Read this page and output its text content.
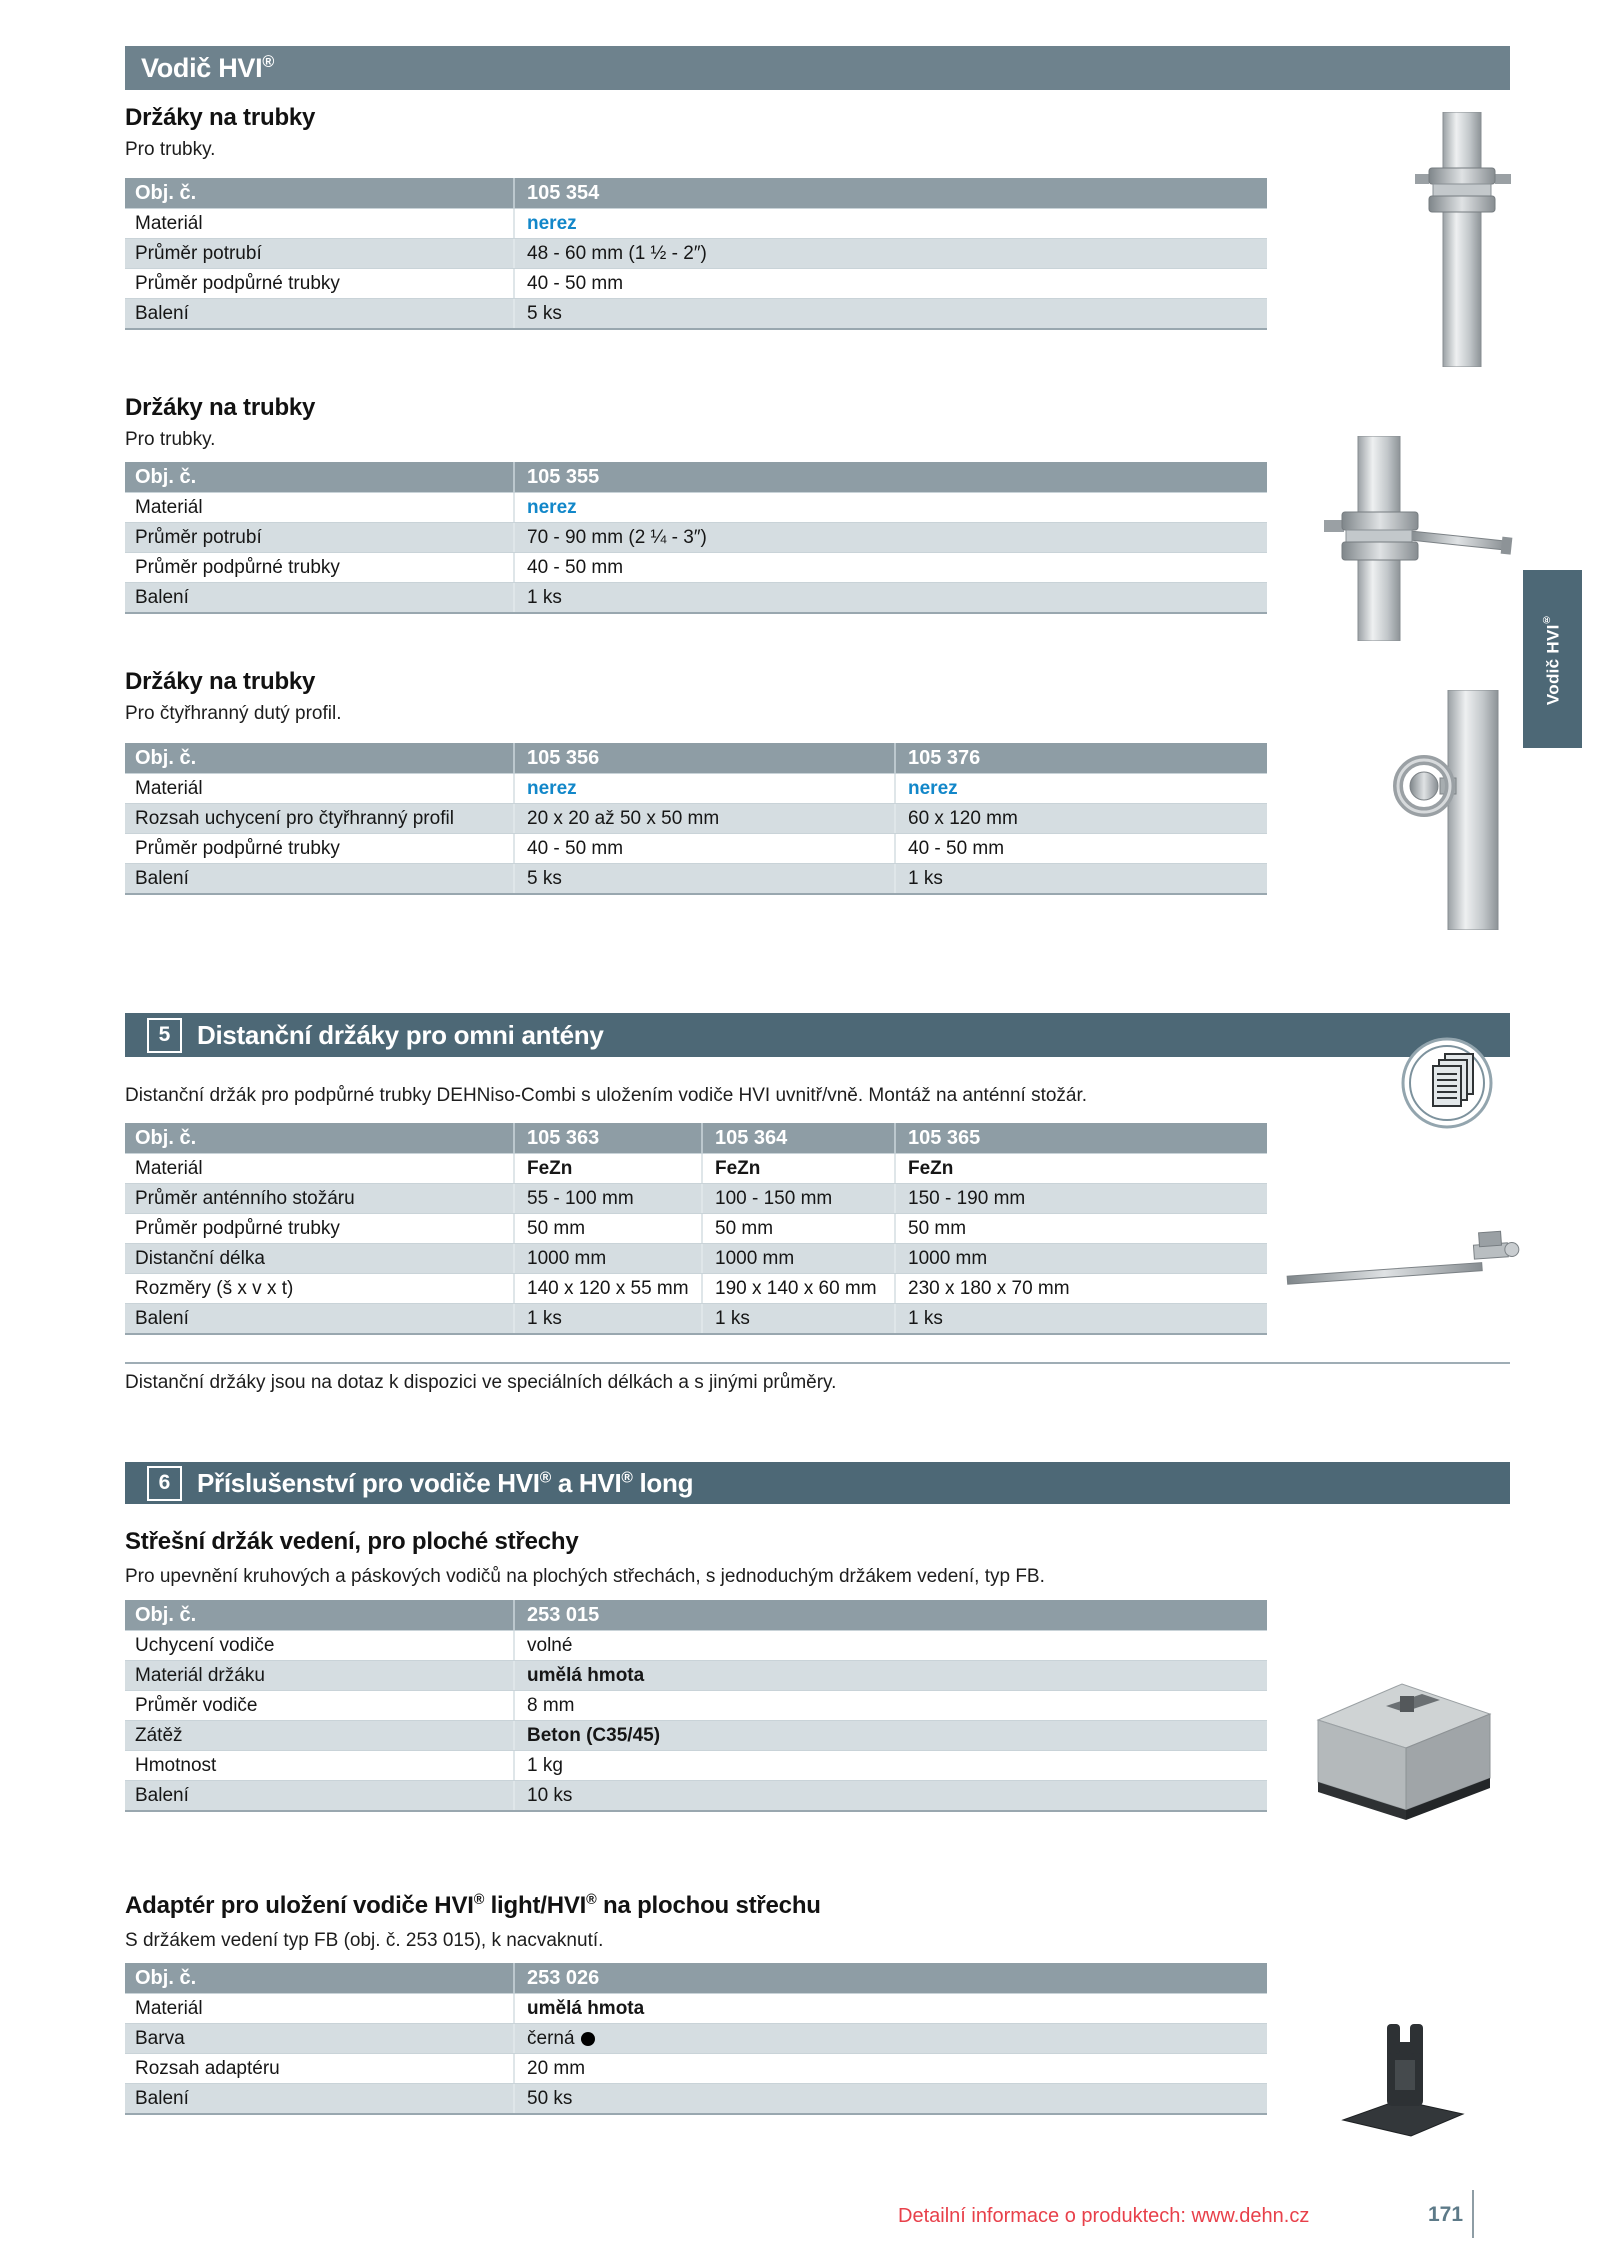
Vodič HVI®
Držáky na trubky
Pro trubky.
Obj. č.	105 354
Materiál	nerez
Průměr potrubí	48 - 60 mm (1 ½ - 2″)
Průměr podpůrné trubky	40 - 50 mm
Balení	5 ks
Držáky na trubky
Pro trubky.
Obj. č.	105 355
Materiál	nerez
Průměr potrubí	70 - 90 mm (2 ¼ - 3″)
Průměr podpůrné trubky	40 - 50 mm
Balení	1 ks
Držáky na trubky
Pro čtyřhranný dutý profil.
Obj. č.	105 356	105 376
Materiál	nerez	nerez
Rozsah uchycení pro čtyřhranný profil	20 x 20 až 50 x 50 mm	60 x 120 mm
Průměr podpůrné trubky	40 - 50 mm	40 - 50 mm
Balení	5 ks	1 ks
5	Distanční držáky pro omni antény
Distanční držák pro podpůrné trubky DEHNiso-Combi s uložením vodiče HVI uvnitř/vně. Montáž na anténní stožár.
Obj. č.	105 363	105 364	105 365
Materiál	FeZn	FeZn	FeZn
Průměr anténního stožáru	55 - 100 mm	100 - 150 mm	150 - 190 mm
Průměr podpůrné trubky	50 mm	50 mm	50 mm
Distanční délka	1000 mm	1000 mm	1000 mm
Rozměry (š x v x t)	140 x 120 x 55 mm	190 x 140 x 60 mm	230 x 180 x 70 mm
Balení	1 ks	1 ks	1 ks
Distanční držáky jsou na dotaz k dispozici ve speciálních délkách a s jinými průměry.
6	Příslušenství pro vodiče HVI® a HVI® long
Střešní držák vedení, pro ploché střechy
Pro upevnění kruhových a páskových vodičů na plochých střechách, s jednoduchým držákem vedení, typ FB.
Obj. č.	253 015
Uchycení vodiče	volné
Materiál držáku	umělá hmota
Průměr vodiče	8 mm
Zátěž	Beton (C35/45)
Hmotnost	1 kg
Balení	10 ks
Adaptér pro uložení vodiče HVI® light/HVI® na plochou střechu
S držákem vedení typ FB (obj. č. 253 015), k nacvaknutí.
Obj. č.	253 026
Materiál	umělá hmota
Barva	černá
Rozsah adaptéru	20 mm
Balení	50 ks
Detailní informace o produktech: www.dehn.cz	171
Vodič HVI®
